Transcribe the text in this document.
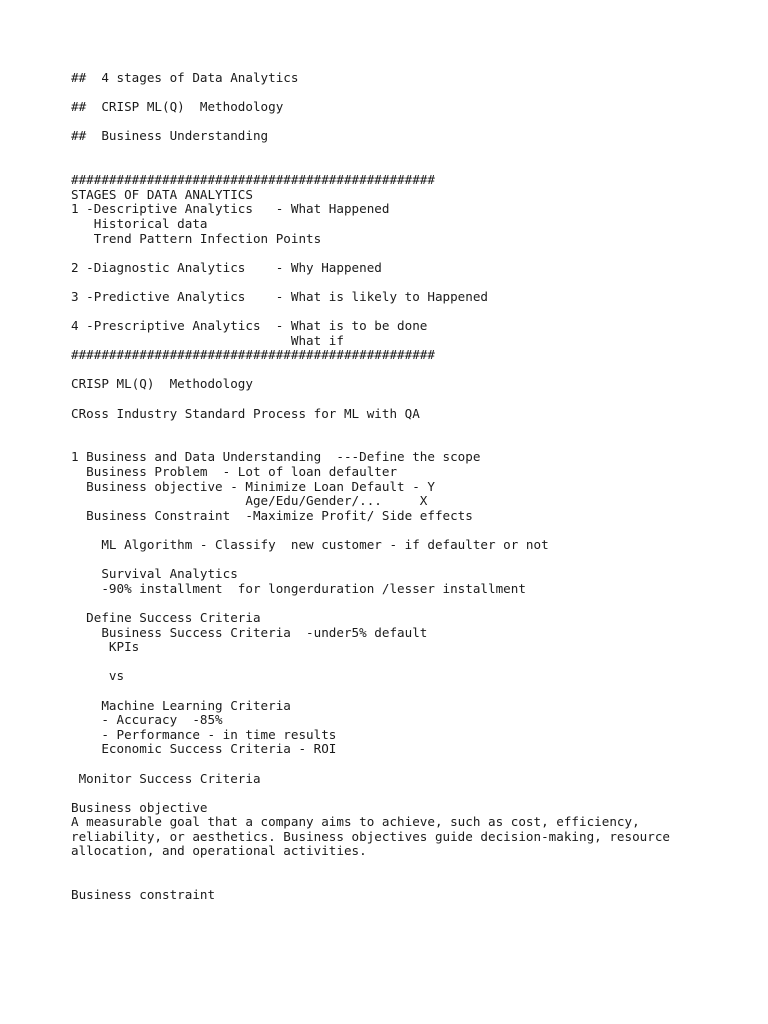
##  4 stages of Data Analytics

##  CRISP ML(Q)  Methodology

##  Business Understanding

################################################
STAGES OF DATA ANALYTICS
1 -Descriptive Analytics   - What Happened
Historical data
Trend Pattern Infection Points

2 -Diagnostic Analytics    - Why Happened

3 -Predictive Analytics    - What is likely to Happened

4 -Prescriptive Analytics  - What is to be done
What if
################################################

CRISP ML(Q)  Methodology

CRoss Industry Standard Process for ML with QA

1 Business and Data Understanding  ---Define the scope
Business Problem  - Lot of loan defaulter
Business objective - Minimize Loan Default - Y
Age/Edu/Gender/...     X
Business Constraint  -Maximize Profit/ Side effects

ML Algorithm - Classify  new customer - if defaulter or not

Survival Analytics
-90% installment  for longerduration /lesser installment

Define Success Criteria
Business Success Criteria  -under5% default
KPIs

vs

Machine Learning Criteria
- Accuracy  -85%
- Performance - in time results
Economic Success Criteria - ROI

Monitor Success Criteria

Business objective
A measurable goal that a company aims to achieve, such as cost, efficiency,
reliability, or aesthetics. Business objectives guide decision-making, resource
allocation, and operational activities.

Business constraint
